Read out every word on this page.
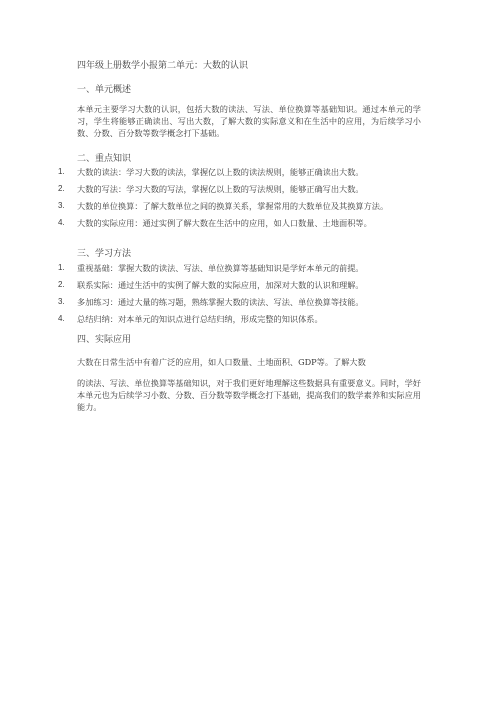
四年级上册数学小报第二单元：大数的认识
一、单元概述
本单元主要学习大数的认识，包括大数的读法、写法、单位换算等基础知识。通过本单元的学习，学生将能够正确读出、写出大数，了解大数的实际意义和在生活中的应用，为后续学习小数、分数、百分数等数学概念打下基础。
二、重点知识
1. 大数的读法：学习大数的读法，掌握亿以上数的读法规则，能够正确读出大数。
2. 大数的写法：学习大数的写法，掌握亿以上数的写法规则，能够正确写出大数。
3. 大数的单位换算：了解大数单位之间的换算关系，掌握常用的大数单位及其换算方法。
4. 大数的实际应用：通过实例了解大数在生活中的应用，如人口数量、土地面积等。
三、学习方法
1. 重视基础：掌握大数的读法、写法、单位换算等基础知识是学好本单元的前提。
2. 联系实际：通过生活中的实例了解大数的实际应用，加深对大数的认识和理解。
3. 多加练习：通过大量的练习题，熟练掌握大数的读法、写法、单位换算等技能。
4. 总结归纳：对本单元的知识点进行总结归纳，形成完整的知识体系。
四、实际应用
大数在日常生活中有着广泛的应用，如人口数量、土地面积、GDP等。了解大数
的读法、写法、单位换算等基础知识，对于我们更好地理解这些数据具有重要意义。同时，学好本单元也为后续学习小数、分数、百分数等数学概念打下基础，提高我们的数学素养和实际应用能力。
